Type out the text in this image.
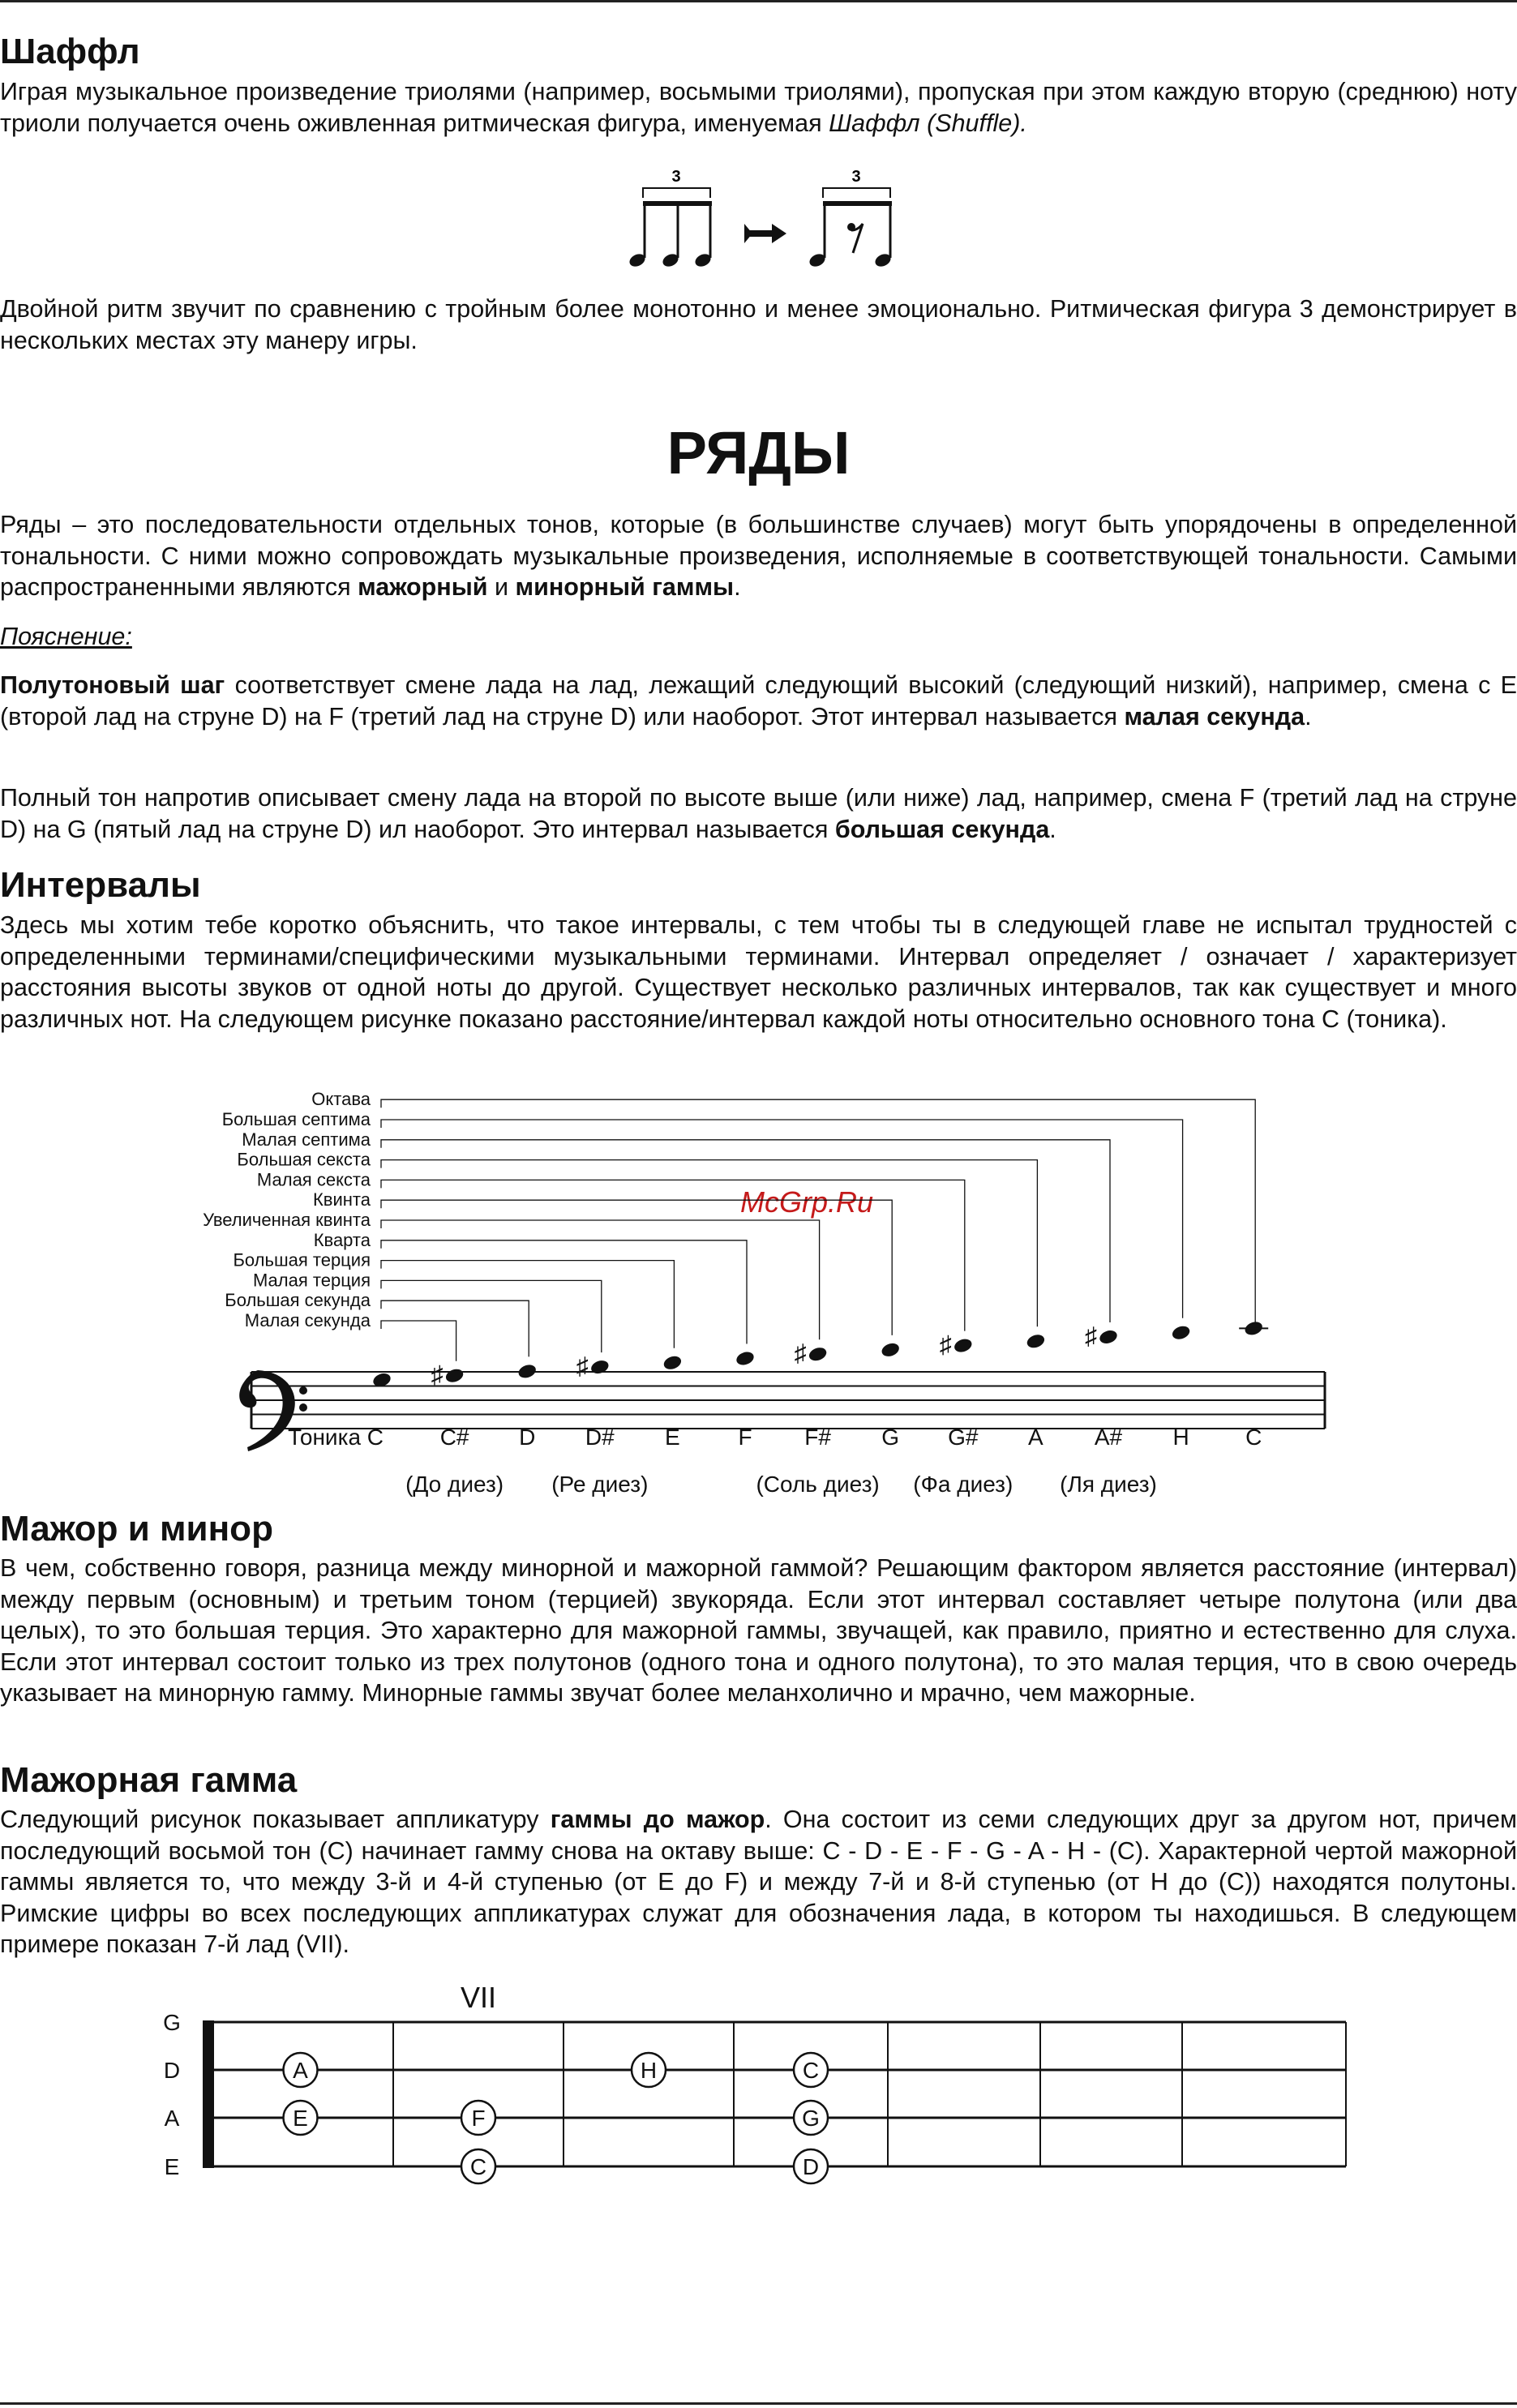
Шаффл

Играя музыкальное произведение триолями (например, восьмыми триолями), пропуская при этом каждую вторую (среднюю) ноту триоли получается очень оживленная ритмическая фигура, именуемая Шаффл (Shuffle).

3	3

Двойной ритм звучит по сравнению с тройным более монотонно и менее эмоционально. Ритмическая фигура 3 демонстрирует в нескольких местах эту манеру игры.

РЯДЫ

Ряды – это последовательности отдельных тонов, которые (в большинстве случаев) могут быть упорядочены в определенной тональности. С ними можно сопровождать музыкальные произведения, исполняемые в соответствующей тональности. Самыми распространенными являются мажорный и минорный гаммы.

Пояснение:

Полутоновый шаг соответствует смене лада на лад, лежащий следующий высокий (следующий низкий), например, смена с Е (второй лад на струне D) на F (третий лад на струне D) или наоборот. Этот интервал называется малая секунда.

Полный тон напротив описывает смену лада на второй по высоте выше (или ниже) лад, например, смена F (третий лад на струне D) на G (пятый лад на струне D) ил наоборот. Это интервал называется большая секунда.

Интервалы

Здесь мы хотим тебе коротко объяснить, что такое интервалы, с тем чтобы ты в следующей главе не испытал трудностей с определенными терминами/специфическими музыкальными терминами. Интервал определяет / означает / характеризует расстояния высоты звуков от одной ноты до другой. Существует несколько различных интервалов, так как существует и много различных нот. На следующем рисунке показано расстояние/интервал каждой ноты относительно основного тона С (тоника).

McGrp.Ru
Тоника C
♯
C# D
♯
D# E	F
♯
F# G
♯
G# A
♯
A# H C
Малая секунда
Большая секунда
Малая терция
Большая терция
Кварта
Увеличенная квинта
Квинта
Малая секста
Большая секста
Малая септима
Большая септима
Октава
(До диез) (Ре диез)	(Соль диез) (Фа диез) (Ля диез)
Мажор и минор

В чем, собственно говоря, разница между минорной и мажорной гаммой? Решающим фактором является расстояние (интервал) между первым (основным) и третьим тоном (терцией) звукоряда. Если этот интервал составляет четыре полутона (или два целых), то это большая терция. Это характерно для мажорной гаммы, звучащей, как правило, приятно и естественно для слуха. Если этот интервал состоит только из трех полутонов (одного тона и одного полутона), то это малая терция, что в свою очередь указывает на минорную гамму. Минорные гаммы звучат более меланхолично и мрачно, чем мажорные.

Мажорная гамма

Следующий рисунок показывает аппликатуру гаммы до мажор. Она состоит из семи следующих друг за другом нот, причем последующий восьмой тон (С) начинает гамму снова на октаву выше: С - D - E - F - G - A - H - (C). Характерной чертой мажорной гаммы является то, что между 3-й и 4-й ступенью (от E до F) и между 7-й и 8-й ступенью (от H до (С)) находятся полутоны. Римские цифры во всех последующих аппликатурах служат для обозначения лада, в котором ты находишься. В следующем примере показан 7-й лад (VII).

G
D
A
E
VII
A	H	C
E	F	G
C	D
